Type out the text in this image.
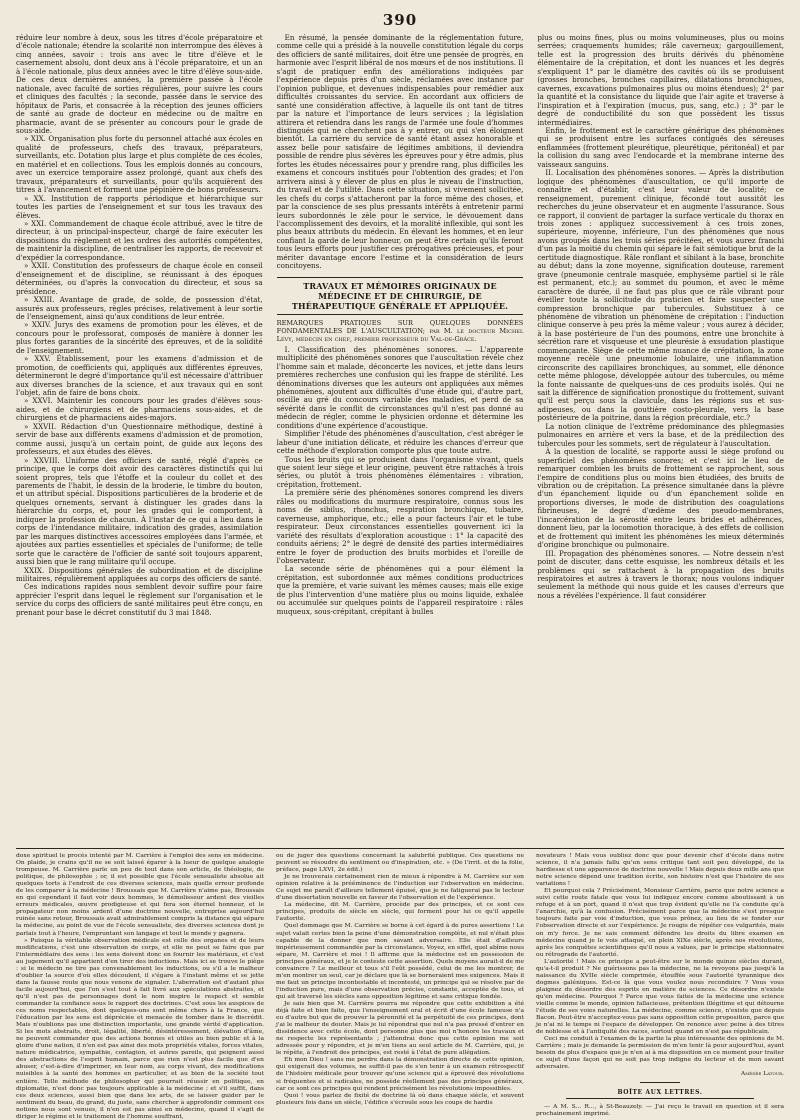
390

réduire leur nombre à deux, sous les titres d'école préparatoire et d'école nationale; étendre la scolarité non interrompue des élèves à cinq années, savoir : trois ans avec le titre d'élève et le casernement absolu, dont deux ans à l'école préparatoire, et un an à l'école nationale, plus deux années avec le titre d'élève sous-aide. De ces deux dernières années, la première passée à l'école nationale, avec faculté de sorties régulières, pour suivre les cours et cliniques des facultés ; la seconde, passée dans le service des hôpitaux de Paris, et consacrée à la réception des jeunes officiers de santé au grade de docteur en médecine ou de maître en pharmacie, avant de se présenter au concours pour le grade de sous-aide.

» XIX. Organisation plus forte du personnel attaché aux écoles en qualité de professeurs, chefs des travaux, préparateurs, surveillants, etc. Dotation plus large et plus complète de ces écoles, en matériel et en collections. Tous les emplois donnés au concours, avec un exercice temporaire assez prolongé, quant aux chefs des travaux, préparateurs et surveillants, pour qu'ils acquièrent des titres à l'avancement et forment une pépinière de bons professeurs.

» XX. Institution de rapports périodique et hiérarchique sur toutes les parties de l'enseignement et sur tous les travaux des élèves.

» XXI. Commandement de chaque école attribué, avec le titre de directeur, à un principal-inspecteur, chargé de faire exécuter les dispositions du règlement et les ordres des autorités compétentes, de maintenir la discipline, de centraliser les rapports, de recevoir et d'expédier la correspondance.

» XXII. Constitution des professeurs de chaque école en conseil d'enseignement et de discipline, se réunissant à des époques déterminées, ou d'après la convocation du directeur, et sous sa présidence.

» XXIII. Avantage de grade, de solde, de possession d'état, assurés aux professeurs, règles précises, relativement à leur sortie de l'enseignement, ainsi qu'aux conditions de leur entrée.

» XXIV. Jurys des examens de promotion pour les élèves, et de concours pour le professorat, composés de manière à donner les plus fortes garanties de la sincérité des épreuves, et de la solidité de l'enseignement.

» XXV. Établissement, pour les examens d'admission et de promotion, de coefficients qui, appliqués aux différentes épreuves, détermineront le degré d'importance qu'il est nécessaire d'attribuer aux diverses branches de la science, et aux travaux qui en sont l'objet, afin de faire de bons choix.

» XXVI. Maintenir les concours pour les grades d'élèves sous-aides, et de chirurgiens et de pharmaciens sous-aides, et de chirurgiens et de pharmaciens aides-majors.

» XXVII. Rédaction d'un Questionnaire méthodique, destiné à servir de base aux différents examens d'admission et de promotion, comme aussi, jusqu'à un certain point, de guide aux leçons des professeurs, et aux études des élèves.

» XXVIII. Uniforme des officiers de santé, réglé d'après ce principe, que le corps doit avoir des caractères distinctifs qui lui soient propres, tels que l'étoffe et la couleur du collet et des parements de l'habit, le dessin de la broderie, le timbre du bouton, et un attribut spécial. Dispositions particulières de la broderie et de quelques ornements, servant à distinguer les grades dans la hiérarchie du corps, et, pour les grades qui le comportent, à indiquer la profession de chacun. À l'instar de ce qui a lieu dans le corps de l'intendance militaire, indication des grades, assimilation par les marques distinctives accessoires employées dans l'armée, et ajoutées aux parties essentielles et spéciales de l'uniforme; de telle sorte que le caractère de l'officier de santé soit toujours apparent, aussi bien que le rang militaire qu'il occupe.

XXIX. Dispositions générales de subordination et de discipline militaires, régulièrement appliquées au corps des officiers de santé.

Ces indications rapides nous semblent devoir suffire pour faire apprécier l'esprit dans lequel le règlement sur l'organisation et le service du corps des officiers de santé militaires peut être conçu, en prenant pour base le décret constitutif du 3 mai 1848.

En résumé, la pensée dominante de la réglementation future, comme celle qui a présidé à la nouvelle constitution légale du corps des officiers de santé militaires, doit être une pensée de progrès, en harmonie avec l'esprit libéral de nos mœurs et de nos institutions. Il s'agit de pratiquer enfin des améliorations indiquées par l'expérience depuis près d'un siècle, réclamées avec instance par l'opinion publique, et devenues indispensables pour remédier aux difficultés croissantes du service. En accordant aux officiers de santé une considération affective, à laquelle ils ont tant de titres par la nature et l'importance de leurs services ; la législation attirera et retiendra dans les rangs de l'armée une foule d'hommes distingués qui ne cherchent pas à y entrer, ou qui s'en éloignent bientôt. La carrière du service de santé étant assez honorable et assez belle pour satisfaire de légitimes ambitions, il deviendra possible de rendre plus sévères les épreuves pour y être admis, plus fortes les études nécessaires pour y prendre rang, plus difficiles les examens et concours institués pour l'obtention des grades; et l'on arrivera ainsi à y élever de plus en plus le niveau de l'instruction, du travail et de l'utilité. Dans cette situation, si vivement sollicitée, les chefs du corps s'attacheront par la force même des choses, et par la conscience de ses plus pressants intérêts à entretenir parmi leurs subordonnés le zèle pour le service, le dévouement dans l'accomplissement des devoirs, et la moralité inflexible, qui sont les plus beaux attributs du médecin. En élevant les hommes, et en leur confiant la garde de leur honneur, on peut être certain qu'ils feront tous leurs efforts pour justifier ces prérogatives précieuses, et pour mériter davantage encore l'estime et la considération de leurs concitoyens.

TRAVAUX ET MÉMOIRES ORIGINAUX DE MÉDECINE ET DE CHIRURGIE, DE THÉRAPEUTIQUE GÉNÉRALE ET APPLIQUÉE.
REMARQUES PRATIQUES SUR QUELQUES DONNÉES FONDAMENTALES DE L'AUSCULTATION; par M. le docteur Michel Lévy, médecin en chef, premier professeur du Val-de-Grâce.

I. Classification des phénomènes sonores. — L'apparente multiplicité des phénomènes sonores que l'auscultation révèle chez l'homme sain et malade, déconcerte les novices, et jette dans leurs premières recherches une confusion qui les frappe de stérilité. Les dénominations diverses que les auteurs ont appliquées aux mêmes phénomènes, ajoutent aux difficultés d'une étude qui, d'autre part, oscille au gré du concours variable des maladies, et perd de sa sévérité dans le conflit de circonstances qu'il n'est pas donné au médecin de régler, comme le physicien ordonne et détermine les conditions d'une expérience d'acoustique.

Simplifier l'étude des phénomènes d'auscultation, c'est abréger le labeur d'une initiation délicate, et réduire les chances d'erreur que cette méthode d'exploration comporte plus que toute autre.

Tous les bruits qui se produisent dans l'organisme vivant, quels que soient leur siège et leur origine, peuvent être rattachés à trois séries, ou plutôt à trois phénomènes élémentaires : vibration, crépitation, frottement.

La première série des phénomènes sonores comprend les divers râles ou modifications du murmure respiratoire, connus sous les noms de sibilus, rhonchus, respiration bronchique, tubaire, caverneuse, amphorique, etc.; elle a pour facteurs l'air et le tube respirateur. Deux circonstances essentielles gouvernent ici la variété des résultats d'exploration acoustique : 1° la capacité des conduits aériens; 2° le degré de densité des parties intermédiaires entre le foyer de production des bruits morbides et l'oreille de l'observateur.

La seconde série de phénomènes qui a pour élément la crépitation, est subordonnée aux mêmes conditions productrices que la première, et varie suivant les mêmes causes; mais elle exige de plus l'intervention d'une matière plus ou moins liquide, exhalée ou accumulée sur quelques points de l'appareil respiratoire : râles muqueux, sous-crépitant, crépitant à bulles

plus ou moins fines, plus ou moins volumineuses, plus ou moins serrées; craquements humides; râle caverneux; gargouillement, telle est la progression des bruits dérivés du phénomène élémentaire de la crépitation, et dont les nuances et les degrés s'expliquent 1° par le diamètre des cavités où ils se produisent (grosses bronches, bronches capillaires, dilatations bronchiques, cavernes, excavations pulmonaires plus ou moins étendues); 2° par la quantité et la consistance du liquide que l'air agite et traverse à l'inspiration et à l'expiration (mucus, pus, sang, etc.) ; 3° par le degré de conductibilité du son que possèdent les tissus intermédiaires.

Enfin, le frottement est le caractère générique des phénomènes qui se produisent entre les surfaces contiguës des séreuses enflammées (frottement pleurétique, pleurétique, péritonéal) et par la collision du sang avec l'endocarde et la membrane interne des vaisseaux sanguins.

II. Localisation des phénomènes sonores. — Après la distribution logique des phénomènes d'auscultation, ce qu'il importe de connaître et d'établir, c'est leur valeur de localité; ce renseignement, purement clinique, fécondé tout aussitôt les recherches du jeune observateur et en augmente l'assurance. Sous ce rapport, il convient de partager la surface verticale du thorax en trois zones : appliquez successivement à ces trois zones, supérieure, moyenne, inférieure, l'un des phénomènes que nous avons groupés dans les trois séries précitées, et vous aurez franchi d'un pas la moitié du chemin qui sépare le fait sémiotique brut de la certitude diagnostique. Râle ronflant et sibilant à la base, bronchite au début; dans la zone moyenne, signification douteuse, rarement grave (pneumonie centrale masquée, emphysème partiel si le râle est permanent, etc.); au sommet du poumon, et avec le même caractère de durée, il ne faut pas plus que ce râle vibrant pour éveiller toute la sollicitude du praticien et faire suspecter une compression bronchique par tubercules. Substituez à ce phénomène de vibration un phénomène de crépitation : l'induction clinique conserve à peu près la même valeur ; vous aurez à décider, à la base postérieure de l'un des poumons, entre une bronchite à sécrétion rare et visqueuse et une pleurésie à exsudation plastique commençante. Siège de cette même nuance de crépitation, la zone moyenne recèle une pneumonie lobulaire, une inflammation circonscrite des capillaires bronchiques, au sommet, elle dénonce cette même phlogose, développée autour des tubercules, ou même la fonte naissante de quelques-uns de ces produits isolés. Qui ne sait la différence de signification pronostique du frottement, suivant qu'il est perçu sous la clavicule, dans les régions sus et sus-adipeuses, ou dans la gouttière costo-pleurale, vers la base postérieure de la poitrine, dans la région précordiale, etc.?

La notion clinique de l'extrême prédominance des phlegmasies pulmonaires en arrière et vers la base, et de la prédilection des tubercules pour les sommets, sert de régulateur à l'auscultation.

À la question de localité, se rapporte aussi le siège profond ou superficiel des phénomènes sonores; et c'est ici le lieu de remarquer combien les bruits de frottement se rapprochent, sous l'empire de conditions plus ou moins bien étudiées, des bruits de vibration ou de crépitation. La présence simultanée dans la plèvre d'un épanchement liquide ou d'un épanchement solide en proportions diverses, le mode de distribution des coagulations fibrineuses, le degré d'œdème des pseudo-membranes, l'incarcération de la sérosité entre leurs brides et adhérences, donnent lieu, par la locomotion thoracique, à des effets de collision et de frottement qui imitent les phénomènes les mieux déterminés d'origine bronchique ou pulmonaire.

III. Propagation des phénomènes sonores. — Notre dessein n'est point de discuter, dans cette esquisse, les nombreux détails et les problèmes qui se rattachent à la propagation des bruits respiratoires et autres à travers le thorax; nous voulons indiquer seulement la méthode qui nous guide et les causes d'erreurs que nous a révélées l'expérience. Il faut considérer

doxe spirituel le procès intenté par M. Carrière à l'emploi des sens en médecine. On plaide, je crains qu'il ne se soit laissé égarer à la lueur de quelque analogie trompeuse. M. Carrière parle un peu de tout dans son article, de théologie, de politique, de philosophie ; or, il est possible que l'école sensualiste absolue ait quelques torts à l'endroit de ces diverses sciences, mais quelle erreur profonde de les comparer à la médecine ! Broussais que M. Carrière n'aime pas, Broussais en qui cependant il faut voir deux hommes, le démolisseur ardent des vieilles erreurs médicales, œuvre prodigieuse et qui fera son éternel honneur, et le propagateur non moins ardent d'une doctrine nouvelle, entreprise aujourd'hui ruinée sans retour, Broussais avait admirablement compris la distance qui sépare la médecine, au point de vue de l'école sensualiste, des diverses sciences dont je parlais tout à l'heure, l'empruntant son langage et tout le monde y gagnera.

» Puisque la véritable observation médicale est celle des organes et de leurs modifications, c'est une observation de corps, et elle ne peut se faire que par l'intermédiaire des sens : les sens doivent donc en fournir les matériaux, et c'est au jugement qu'il appartient d'en tirer des inductions. Mais ici se trouve le piège : si le médecin ne tire pas convenablement les inductions, ou s'il a le malheur d'oublier la source d'où elles découlent, il s'égare à l'instant même et se jette dans la fausse route que nous venons de signaler. L'aberration est d'autant plus facile aujourd'hui, que l'on s'est tout à fait livré aux spéculations abstraites, et qu'il n'est pas de personnages dont le nom inspire le respect et semble commander la confiance sous le rapport des doctrines. C'est sous les auspices de ces noms respectables, dont quelques-uns sont même chers à la France, que l'éducation par les sens est dépréciée et menacée de tomber dans le discrédit. Mais n'oublions pas une distinction importante, une grande vérité d'application. Si les mots abstraits, droit, légalité, liberté, désintéressement, élévation d'âme, ne peuvent commander que des actions bonnes et utiles au bien public et à la gloire d'une nation, il n'en est pas ainsi des mots propriétés vitales, forces vitales, nature médicatrice, sympathie, contagion, et autres pareils, qui peignent aussi des abstractions de l'esprit humain, parce que rien n'est plus facile que d'en abuser, c'est-à-dire d'imprimer, en leur nom, au corps vivant, des modifications nuisibles à la santé des hommes en particulier, et au bien de la société tout entière. Telle méthode de philosopher qui pourrait réussir en politique, en diplomatie, n'est donc pas toujours applicable à la médecine ; et s'il suffit, dans ces deux sciences, aussi bien que dans les arts, de se laisser guider par le sentiment du beau, du grand, du juste, sans chercher à approfondir comment ces notions nous sont venues, il n'en est pas ainsi en médecine, quand il s'agit de diriger le régime et le traitement de l'homme souffrant,

ou de juger des questions concernant la salubrité publique. Ces questions ne peuvent se résoudre du sentiment ou d'inspiration, etc. » (De l'irrit. et de la folie, préface, page LXVI, 2e édit.)

Je ne trouverais certainement rien de mieux à répondre à M. Carrière sur son opinion relative à la prééminence de l'induction sur l'observation en médecine. Ce sujet me paraît d'ailleurs tellement épuisé, que je ne fatiguerai pas le lecteur d'une dissertation nouvelle en faveur de l'observation et de l'expérience.

La médecine, dit M. Carrière, procède par des principes, et ce sont ces principes, produits de siècle en siècle, qui forment pour lui ce qu'il appelle l'autorité.

Quel dommage que M. Carrière se borne à cet égard à de pures assertions ! Le sujet valait certes bien la peine d'une démonstration complète, et nul n'était plus capable de la donner que mon savant adversaire. Elle était d'ailleurs impérieusement commandée par la circonstance. Voyez, en effet, quel abîme nous sépare, M. Carrière et moi ! Il affirme que la médecine est en possession de principes généraux, et je le conteste cette assertion. Quels moyens aurait-il de me convaincre ? Le meilleur et tous s'il l'eût possédé, celui de me les montrer, de m'en montrer un seul, car je déclare que là se borneraient mes exigences. Mais il me faut un principe incontestable et incontesté, un principe qui se résolve par de l'induction pure, mais d'une observation précise, constante, acceptée de tous, et qui ait traversé les siècles sans opposition légitime et sans critique fondée.

Je sais bien que M. Carrière pourra me répondre que cette exhibition a été déjà faite et bien faite, que l'enseignement oral et écrit d'une école fameuse n'a eu d'autre but que de prouver la pérennité et la perpétuité de ces principes, dont j'ai le malheur de douter. Mais je lui répondrai que nul n'a pas pressé d'entrer en dissidence avec cette école, dont personne plus que moi n'honore les travaux et ne respecte les représentants ; j'attendrai donc que cette opinion me soit adressée pour y répondre, et je m'en tiens au seul article de M. Carrière, qui, je le répète, à l'endroit des principes, est resté à l'état de pure allégation.

Eh mon Dieu ! sans me perdre dans la démonstration directe de cette opinion, qui exigerait des volumes, ne suffit-il pas de s'en tenir à un examen rétrospectif de l'histoire médicale pour trouver qu'une science qui a éprouvé des révolutions si fréquentes et si radicales, ne possède réellement pas des principes généraux, car ce sont ces principes qui rendent précisément les révolutions impossibles.

Quoi ! vous parlez de fixité de doctrine là où dans chaque siècle, et souvent plusieurs fois dans un siècle, l'édifice s'écroule sous les coups de hardis

novateurs ! Mais vous oubliez donc que pour devenir chef d'école dans notre science, il n'a jamais fallu qu'un sens critique tant soit peu développé, de la hardiesse et une apparence de doctrine nouvelle ! Mais depuis deux mille ans que notre science dépend une tradition écrite, son histoire n'est que l'histoire de ses variations !

Et pourquoi cela ? Précisément, Monsieur Carrière, parce que notre science a suivi cette route fatale que vous lui indiquez encore comme aboutissant à un refuge et à un port, quand il n'est que trop évident qu'elle ne l'a conduite qu'à l'anarchie, qu'à la confusion. Précisément parce que la médecine s'est presque toujours faite par voie d'induction, que vous prônez, au lieu de se fonder sur l'observation directe et sur l'expérience. Je rougis de répéter ces vulgarités, mais on m'y force. Je ne sais comment défendre les droits du libre examen en médecine quand je le vois attaqué, en plein XIXe siècle, après nos révolutions, après les conquêtes scientifiques qu'il nous a values, par le principe stationnaire ou rétrograde de l'autorité.

L'autorité ! Mais ce principe a peut-être sur le monde quinze siècles durant, qu'a-t-il produit ? Ne guérissons pas la médecine, ne la revoyons pas jusqu'à la naissance du XVIIe siècle comprimée, étouffée sous l'autorité tyrannique des dogmes galéniques. Est-ce là que vous voulez nous reconduire ? Vous vous plaignez du désordre des esprits en matière de sciences. Ce désordre n'existe qu'en médecine. Pourquoi ? Parce que vous faites de la médecine une science vieille comme le monde, opinion fallacieuse, prétention illégitime et qui détourne l'étude de ses voies naturelles. La médecine, comme science, n'existe que depuis Bacon. Peut-être n'acceptez-vous pas sans opposition cette proposition, parce que je n'ai ni le temps ni l'espace de développer. On renonce avec peine à des titres de noblesse et à l'antiquité des races, surtout quand on n'est pas républicain.

Ceci me conduit à l'examen de la partie la plus intéressante des opinions de M. Carrière ; mais je demande la permission de m'en tenir là pour aujourd'hui, ayant besoin de plus d'espace que je n'en ai à ma disposition en ce moment pour traiter ce sujet d'une façon qui ne soit pas trop indigne du lecteur et de mon savant adversaire.

Amédée Latour.

BOÎTE AUX LETTRES.

— A M. S... R..., à St-Beauzely. — J'ai reçu le travail en question et il sera prochainement imprimé.
